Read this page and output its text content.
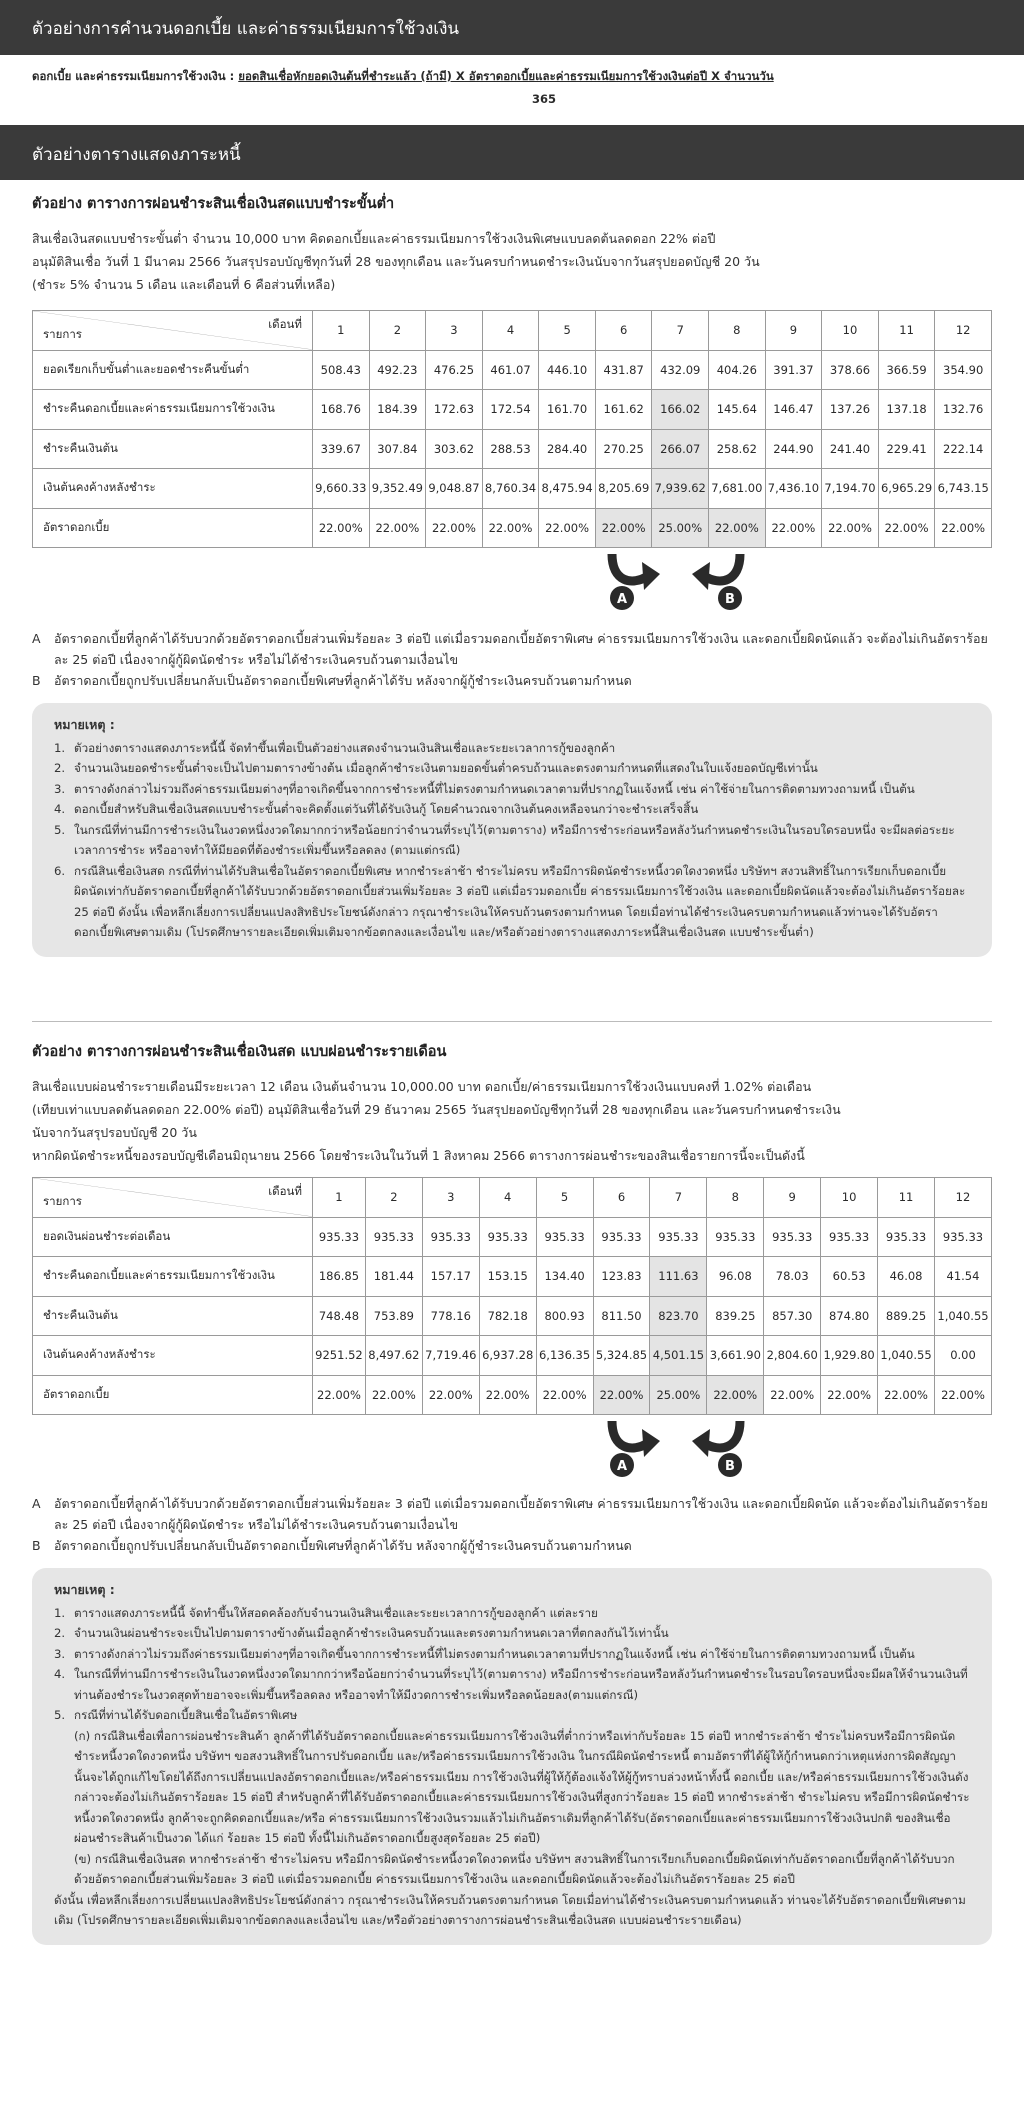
ตัวอย่างการคำนวนดอกเบี้ย และค่าธรรมเนียมการใช้วงเงิน
ดอกเบี้ย และค่าธรรมเนียมการใช้วงเงิน : ยอดสินเชื่อหักยอดเงินต้นที่ชำระแล้ว (ถ้ามี) X อัตราดอกเบี้ยและค่าธรรมเนียมการใช้วงเงินต่อปี X จำนวนวัน
365
ตัวอย่างตารางแสดงภาระหนี้
ตัวอย่าง ตารางการผ่อนชำระสินเชื่อเงินสดแบบชำระขั้นต่ำ
สินเชื่อเงินสดแบบชำระขั้นต่ำ จำนวน 10,000 บาท คิดดอกเบี้ยและค่าธรรมเนียมการใช้วงเงินพิเศษแบบลดต้นลดดอก 22% ต่อปี
อนุมัติสินเชื่อ วันที่ 1 มีนาคม 2566 วันสรุปรอบบัญชีทุกวันที่ 28 ของทุกเดือน และวันครบกำหนดชำระเงินนับจากวันสรุปยอดบัญชี 20 วัน
(ชำระ 5% จำนวน 5 เดือน และเดือนที่ 6 คือส่วนที่เหลือ)
รายการ
เดือนที่	1	2	3	4	5	6	7	8	9	10	11	12
ยอดเรียกเก็บขั้นต่ำและยอดชำระคืนขั้นต่ำ	508.43	492.23	476.25	461.07	446.10	431.87	432.09	404.26	391.37	378.66	366.59	354.90
ชำระคืนดอกเบี้ยและค่าธรรมเนียมการใช้วงเงิน	168.76	184.39	172.63	172.54	161.70	161.62	166.02	145.64	146.47	137.26	137.18	132.76
ชำระคืนเงินต้น	339.67	307.84	303.62	288.53	284.40	270.25	266.07	258.62	244.90	241.40	229.41	222.14
เงินต้นคงค้างหลังชำระ	9,660.33	9,352.49	9,048.87	8,760.34	8,475.94	8,205.69	7,939.62	7,681.00	7,436.10	7,194.70	6,965.29	6,743.15
อัตราดอกเบี้ย	22.00%	22.00%	22.00%	22.00%	22.00%	22.00%	25.00%	22.00%	22.00%	22.00%	22.00%	22.00%
A	B
A	อัตราดอกเบี้ยที่ลูกค้าได้รับบวกด้วยอัตราดอกเบี้ยส่วนเพิ่มร้อยละ 3 ต่อปี แต่เมื่อรวมดอกเบี้ยอัตราพิเศษ ค่าธรรมเนียมการใช้วงเงิน และดอกเบี้ยผิดนัดแล้ว จะต้องไม่เกินอัตราร้อยละ 25 ต่อปี เนื่องจากผู้กู้ผิดนัดชำระ หรือไม่ได้ชำระเงินครบถ้วนตามเงื่อนไข
B	อัตราดอกเบี้ยถูกปรับเปลี่ยนกลับเป็นอัตราดอกเบี้ยพิเศษที่ลูกค้าได้รับ หลังจากผู้กู้ชำระเงินครบถ้วนตามกำหนด
หมายเหตุ :
1. ตัวอย่างตารางแสดงภาระหนี้นี้ จัดทำขึ้นเพื่อเป็นตัวอย่างแสดงจำนวนเงินสินเชื่อและระยะเวลาการกู้ของลูกค้า
2. จำนวนเงินยอดชำระขั้นต่ำจะเป็นไปตามตารางข้างต้น เมื่อลูกค้าชำระเงินตามยอดขั้นต่ำครบถ้วนและตรงตามกำหนดที่แสดงในใบแจ้งยอดบัญชีเท่านั้น
3. ตารางดังกล่าวไม่รวมถึงค่าธรรมเนียมต่างๆที่อาจเกิดขึ้นจากการชำระหนี้ที่ไม่ตรงตามกำหนดเวลาตามที่ปรากฏในแจ้งหนี้ เช่น ค่าใช้จ่ายในการติดตามทวงถามหนี้ เป็นต้น
4. ดอกเบี้ยสำหรับสินเชื่อเงินสดแบบชำระขั้นต่ำจะคิดตั้งแต่วันที่ได้รับเงินกู้ โดยคำนวณจากเงินต้นคงเหลือจนกว่าจะชำระเสร็จสิ้น
5. ในกรณีที่ท่านมีการชำระเงินในงวดหนึ่งงวดใดมากกว่าหรือน้อยกว่าจำนวนที่ระบุไว้(ตามตาราง) หรือมีการชำระก่อนหรือหลังวันกำหนดชำระเงินในรอบใดรอบหนึ่ง จะมีผลต่อระยะเวลาการชำระ หรืออาจทำให้มียอดที่ต้องชำระเพิ่มขึ้นหรือลดลง (ตามแต่กรณี)
6. กรณีสินเชื่อเงินสด กรณีที่ท่านได้รับสินเชื่อในอัตราดอกเบี้ยพิเศษ หากชำระล่าช้า ชำระไม่ครบ หรือมีการผิดนัดชำระหนี้งวดใดงวดหนึ่ง บริษัทฯ สงวนสิทธิ์ในการเรียกเก็บดอกเบี้ยผิดนัดเท่ากับอัตราดอกเบี้ยที่ลูกค้าได้รับบวกด้วยอัตราดอกเบี้ยส่วนเพิ่มร้อยละ 3 ต่อปี แต่เมื่อรวมดอกเบี้ย ค่าธรรมเนียมการใช้วงเงิน และดอกเบี้ยผิดนัดแล้วจะต้องไม่เกินอัตราร้อยละ 25 ต่อปี ดังนั้น เพื่อหลีกเลี่ยงการเปลี่ยนแปลงสิทธิประโยชน์ดังกล่าว กรุณาชำระเงินให้ครบถ้วนตรงตามกำหนด โดยเมื่อท่านได้ชำระเงินครบตามกำหนดแล้วท่านจะได้รับอัตราดอกเบี้ยพิเศษตามเดิม (โปรดศึกษารายละเอียดเพิ่มเติมจากข้อตกลงและเงื่อนไข และ/หรือตัวอย่างตารางแสดงภาระหนี้สินเชื่อเงินสด แบบชำระขั้นต่ำ)
ตัวอย่าง ตารางการผ่อนชำระสินเชื่อเงินสด แบบผ่อนชำระรายเดือน
สินเชื่อแบบผ่อนชำระรายเดือนมีระยะเวลา 12 เดือน เงินต้นจำนวน 10,000.00 บาท ดอกเบี้ย/ค่าธรรมเนียมการใช้วงเงินแบบคงที่ 1.02% ต่อเดือน
(เทียบเท่าแบบลดต้นลดดอก 22.00% ต่อปี) อนุมัติสินเชื่อวันที่ 29 ธันวาคม 2565 วันสรุปยอดบัญชีทุกวันที่ 28 ของทุกเดือน และวันครบกำหนดชำระเงิน
นับจากวันสรุปรอบบัญชี 20 วัน
หากผิดนัดชำระหนี้ของรอบบัญชีเดือนมิถุนายน 2566 โดยชำระเงินในวันที่ 1 สิงหาคม 2566 ตารางการผ่อนชำระของสินเชื่อรายการนี้จะเป็นดังนี้
รายการ
เดือนที่	1	2	3	4	5	6	7	8	9	10	11	12
ยอดเงินผ่อนชำระต่อเดือน	935.33	935.33	935.33	935.33	935.33	935.33	935.33	935.33	935.33	935.33	935.33	935.33
ชำระคืนดอกเบี้ยและค่าธรรมเนียมการใช้วงเงิน	186.85	181.44	157.17	153.15	134.40	123.83	111.63	96.08	78.03	60.53	46.08	41.54
ชำระคืนเงินต้น	748.48	753.89	778.16	782.18	800.93	811.50	823.70	839.25	857.30	874.80	889.25	1,040.55
เงินต้นคงค้างหลังชำระ	9251.52	8,497.62	7,719.46	6,937.28	6,136.35	5,324.85	4,501.15	3,661.90	2,804.60	1,929.80	1,040.55	0.00
อัตราดอกเบี้ย	22.00%	22.00%	22.00%	22.00%	22.00%	22.00%	25.00%	22.00%	22.00%	22.00%	22.00%	22.00%
A	B
A	อัตราดอกเบี้ยที่ลูกค้าได้รับบวกด้วยอัตราดอกเบี้ยส่วนเพิ่มร้อยละ 3 ต่อปี แต่เมื่อรวมดอกเบี้ยอัตราพิเศษ ค่าธรรมเนียมการใช้วงเงิน และดอกเบี้ยผิดนัด แล้วจะต้องไม่เกินอัตราร้อยละ 25 ต่อปี เนื่องจากผู้กู้ผิดนัดชำระ หรือไม่ได้ชำระเงินครบถ้วนตามเงื่อนไข
B	อัตราดอกเบี้ยถูกปรับเปลี่ยนกลับเป็นอัตราดอกเบี้ยพิเศษที่ลูกค้าได้รับ หลังจากผู้กู้ชำระเงินครบถ้วนตามกำหนด
หมายเหตุ :
1. ตารางแสดงภาระหนี้นี้ จัดทำขึ้นให้สอดคล้องกับจำนวนเงินสินเชื่อและระยะเวลาการกู้ของลูกค้า แต่ละราย
2. จำนวนเงินผ่อนชำระจะเป็นไปตามตารางข้างต้นเมื่อลูกค้าชำระเงินครบถ้วนและตรงตามกำหนดเวลาที่ตกลงกันไว้เท่านั้น
3. ตารางดังกล่าวไม่รวมถึงค่าธรรมเนียมต่างๆที่อาจเกิดขึ้นจากการชำระหนี้ที่ไม่ตรงตามกำหนดเวลาตามที่ปรากฏในแจ้งหนี้ เช่น ค่าใช้จ่ายในการติดตามทวงถามหนี้ เป็นต้น
4. ในกรณีที่ท่านมีการชำระเงินในงวดหนึ่งงวดใดมากกว่าหรือน้อยกว่าจำนวนที่ระบุไว้(ตามตาราง) หรือมีการชำระก่อนหรือหลังวันกำหนดชำระในรอบใดรอบหนึ่งจะมีผลให้จำนวนเงินที่ท่านต้องชำระในงวดสุดท้ายอาจจะเพิ่มขึ้นหรือลดลง หรืออาจทำให้มีงวดการชำระเพิ่มหรือลดน้อยลง(ตามแต่กรณี)
5. กรณีที่ท่านได้รับดอกเบี้ยสินเชื่อในอัตราพิเศษ
(ก) กรณีสินเชื่อเพื่อการผ่อนชำระสินค้า ลูกค้าที่ได้รับอัตราดอกเบี้ยและค่าธรรมเนียมการใช้วงเงินที่ต่ำกว่าหรือเท่ากับร้อยละ 15 ต่อปี หากชำระล่าช้า ชำระไม่ครบหรือมีการผิดนัดชำระหนี้งวดใดงวดหนึ่ง บริษัทฯ ขอสงวนสิทธิ์ในการปรับดอกเบี้ย และ/หรือค่าธรรมเนียมการใช้วงเงิน ในกรณีผิดนัดชำระหนี้ ตามอัตราที่ได้ผู้ให้กู้กำหนดกว่าเหตุแห่งการผิดสัญญานั้นจะได้ถูกแก้ไขโดยได้ถึงการเปลี่ยนแปลงอัตราดอกเบี้ยและ/หรือค่าธรรมเนียม การใช้วงเงินที่ผู้ให้กู้ต้องแจ้งให้ผู้กู้ทราบล่วงหน้าทั้งนี้ ดอกเบี้ย และ/หรือค่าธรรมเนียมการใช้วงเงินดังกล่าวจะต้องไม่เกินอัตราร้อยละ 15 ต่อปี สำหรับลูกค้าที่ได้รับอัตราดอกเบี้ยและค่าธรรมเนียมการใช้วงเงินที่สูงกว่าร้อยละ 15 ต่อปี หากชำระล่าช้า ชำระไม่ครบ หรือมีการผิดนัดชำระหนี้งวดใดงวดหนึ่ง ลูกค้าจะถูกคิดดอกเบี้ยและ/หรือ ค่าธรรมเนียมการใช้วงเงินรวมแล้วไม่เกินอัตราเดิมที่ลูกค้าได้รับ(อัตราดอกเบี้ยและค่าธรรมเนียมการใช้วงเงินปกติ ของสินเชื่อผ่อนชำระสินค้าเป็นงวด ได้แก่ ร้อยละ 15 ต่อปี ทั้งนี้ไม่เกินอัตราดอกเบี้ยสูงสุดร้อยละ 25 ต่อปี)
(ข) กรณีสินเชื่อเงินสด หากชำระล่าช้า ชำระไม่ครบ หรือมีการผิดนัดชำระหนี้งวดใดงวดหนึ่ง บริษัทฯ สงวนสิทธิ์ในการเรียกเก็บดอกเบี้ยผิดนัดเท่ากับอัตราดอกเบี้ยที่ลูกค้าได้รับบวกด้วยอัตราดอกเบี้ยส่วนเพิ่มร้อยละ 3 ต่อปี แต่เมื่อรวมดอกเบี้ย ค่าธรรมเนียมการใช้วงเงิน และดอกเบี้ยผิดนัดแล้วจะต้องไม่เกินอัตราร้อยละ 25 ต่อปี
ดังนั้น เพื่อหลีกเลี่ยงการเปลี่ยนแปลงสิทธิประโยชน์ดังกล่าว กรุณาชำระเงินให้ครบถ้วนตรงตามกำหนด โดยเมื่อท่านได้ชำระเงินครบตามกำหนดแล้ว ท่านจะได้รับอัตราดอกเบี้ยพิเศษตามเดิม (โปรดศึกษารายละเอียดเพิ่มเติมจากข้อตกลงและเงื่อนไข และ/หรือตัวอย่างตารางการผ่อนชำระสินเชื่อเงินสด แบบผ่อนชำระรายเดือน)
